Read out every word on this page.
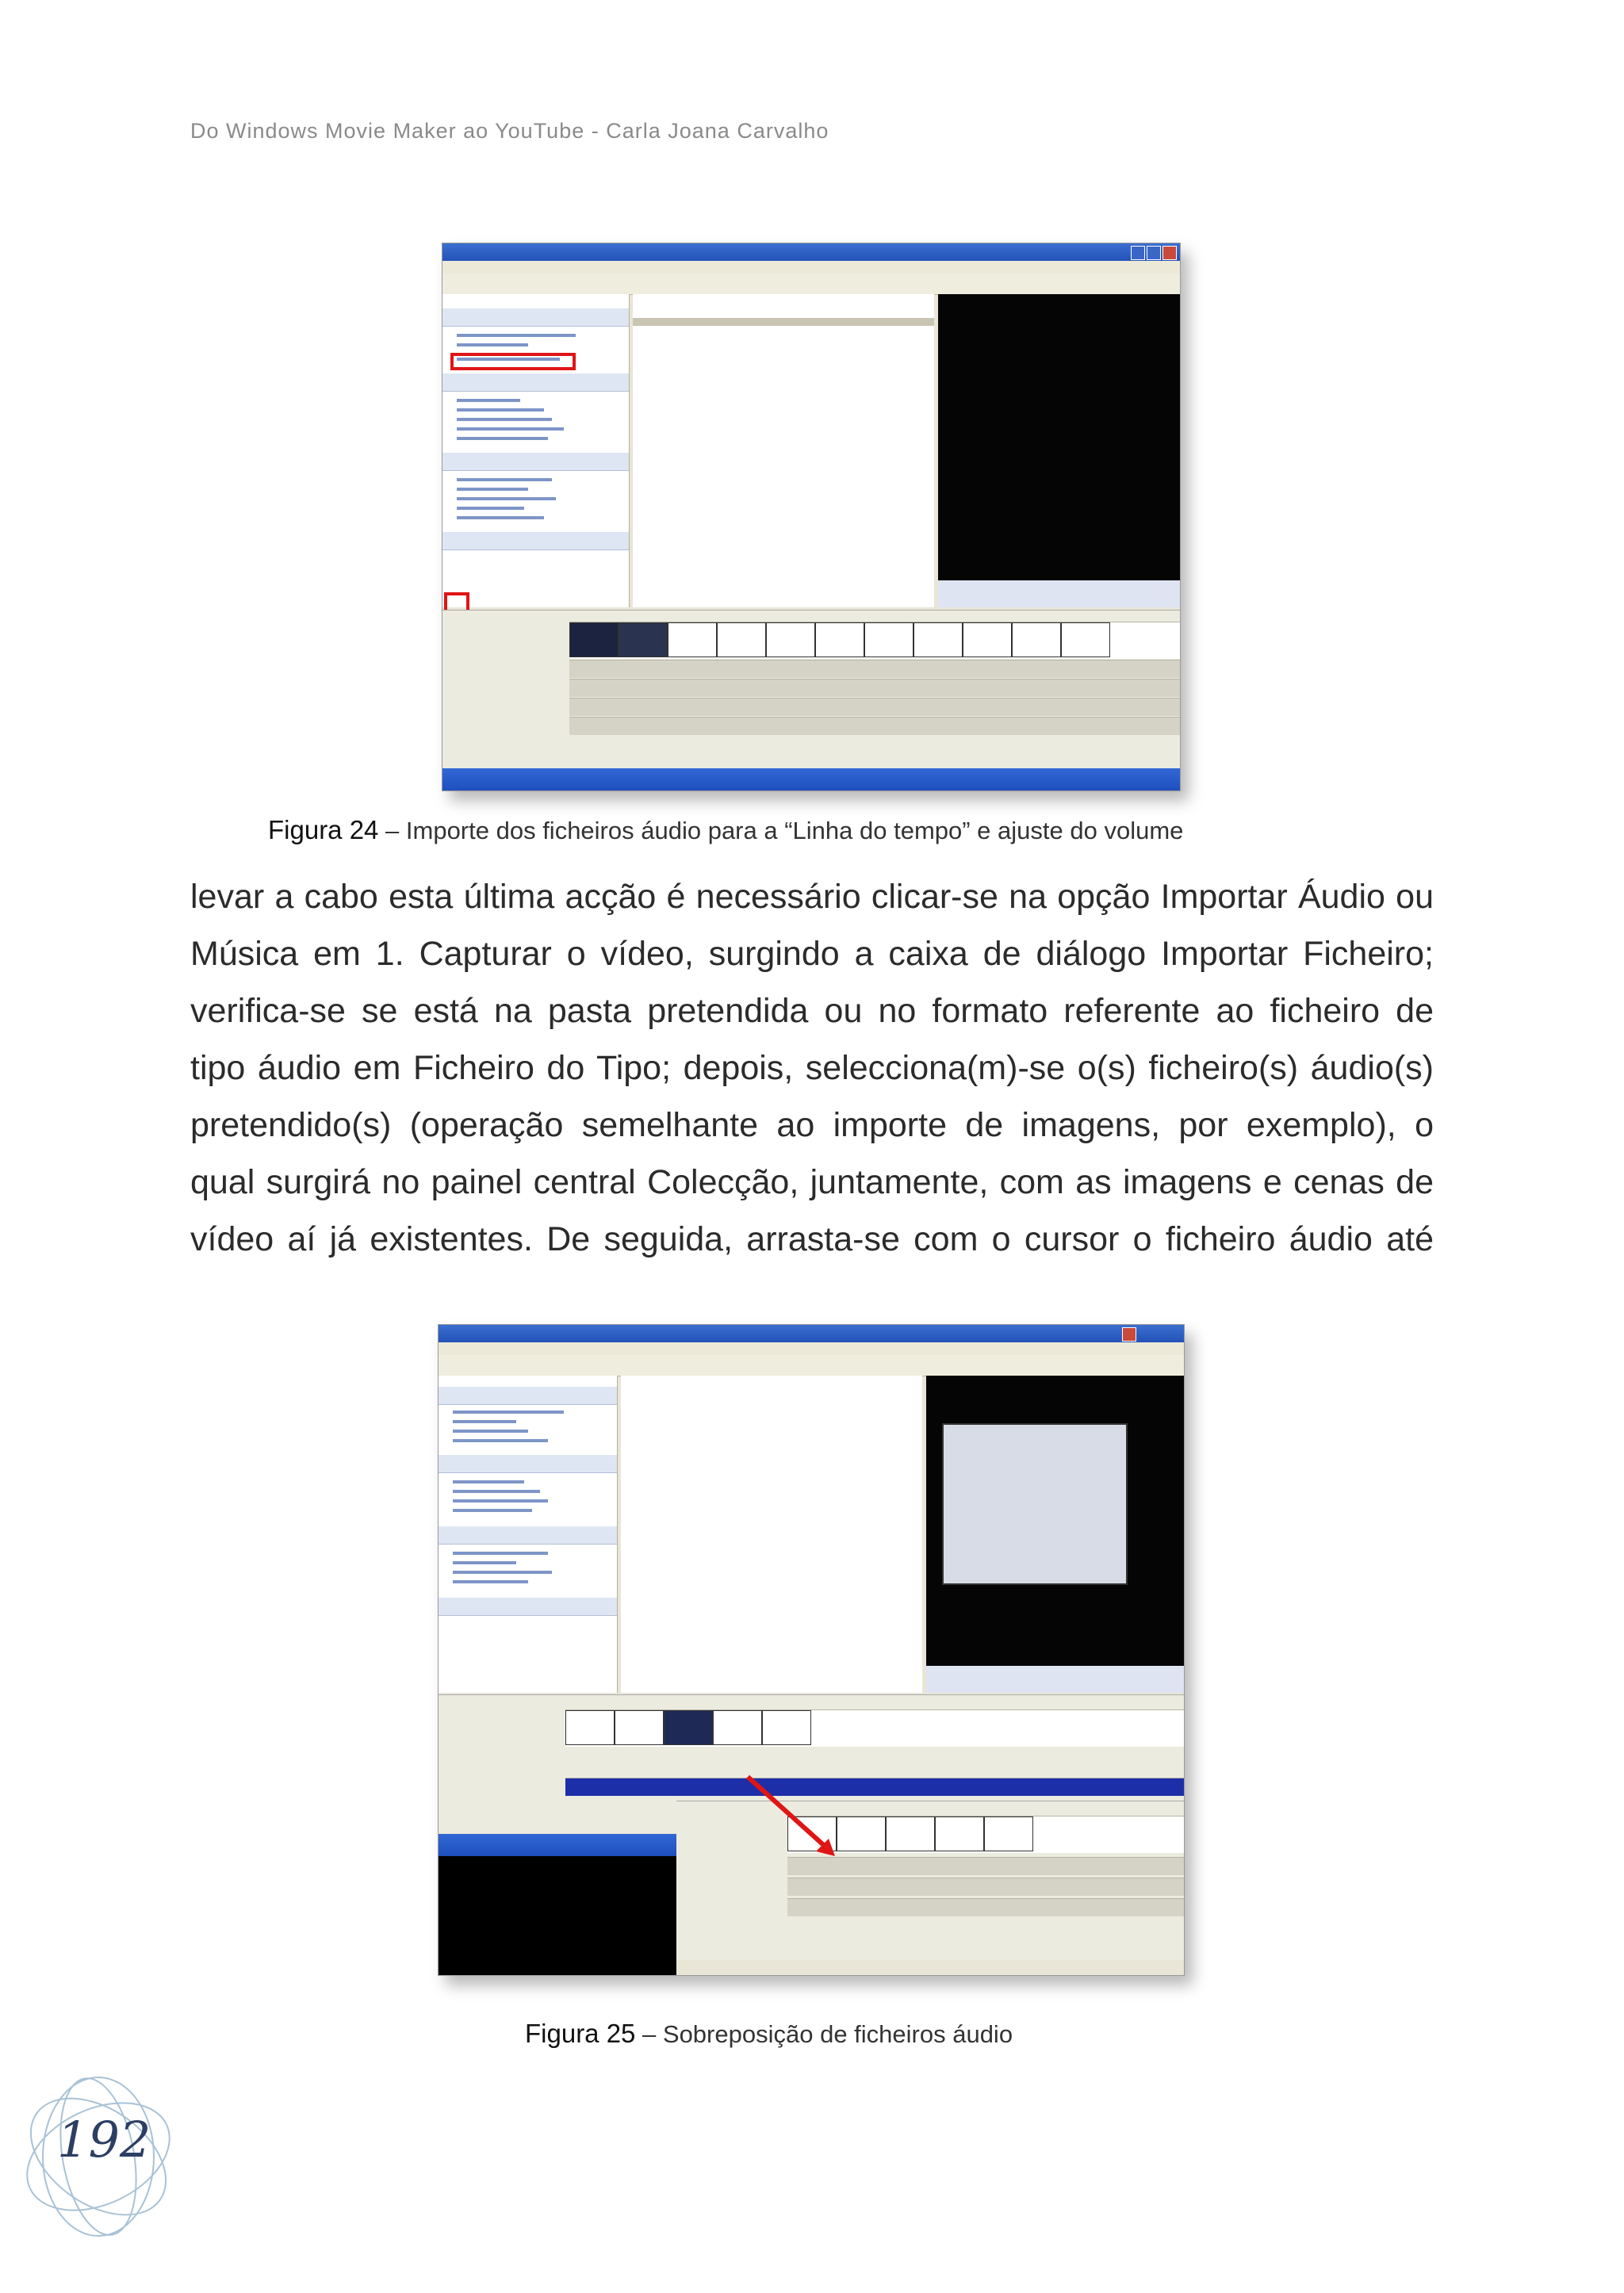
Do Windows Movie Maker ao YouTube - Carla Joana Carvalho
Figura 24 – Importe dos ficheiros áudio para a “Linha do tempo” e ajuste do volume
levar a cabo esta última acção é necessário clicar-se na opção Importar Áudio ou
Música em 1. Capturar o vídeo, surgindo a caixa de diálogo Importar Ficheiro;
verifica-se se está na pasta pretendida ou no formato referente ao ficheiro de
tipo áudio em Ficheiro do Tipo; depois, selecciona(m)-se o(s) ficheiro(s) áudio(s)
pretendido(s) (operação semelhante ao importe de imagens, por exemplo), o
qual surgirá no painel central Colecção, juntamente, com as imagens e cenas de
vídeo aí já existentes. De seguida, arrasta-se com o cursor o ficheiro áudio até
Figura 25 – Sobreposição de ficheiros áudio
192
